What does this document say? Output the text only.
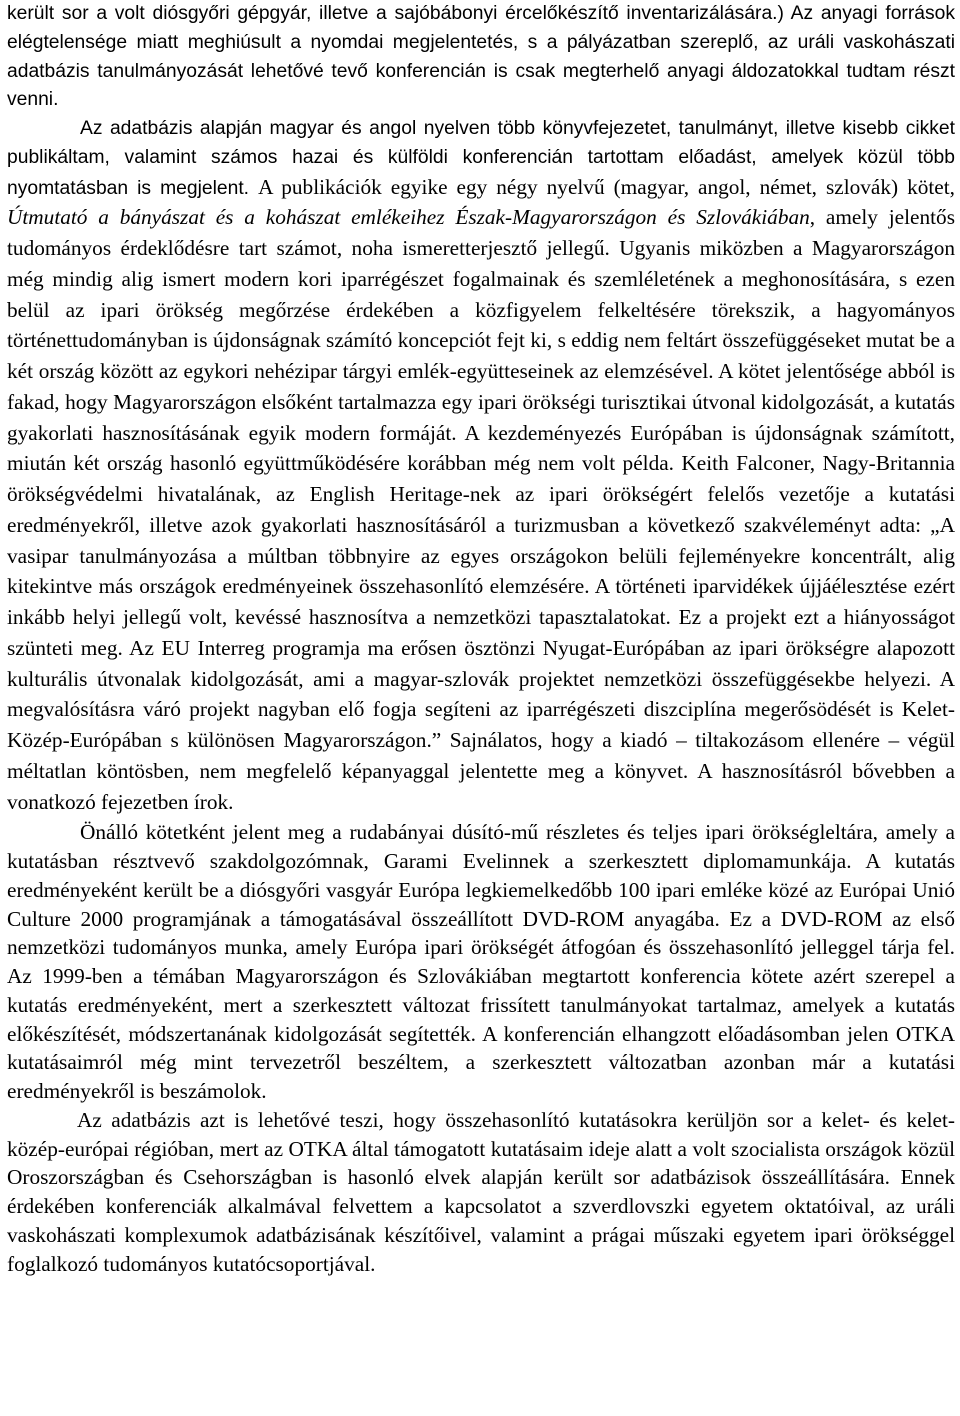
került sor a volt diósgyőri gépgyár, illetve a sajóbábonyi ércelőkészítő inventarizálására.) Az anyagi források elégtelensége miatt meghiúsult a nyomdai megjelentetés, s a pályázatban szereplő, az uráli vaskohászati adatbázis tanulmányozását lehetővé tevő konferencián is csak megterhelő anyagi áldozatokkal tudtam részt venni.

Az adatbázis alapján magyar és angol nyelven több könyvfejezetet, tanulmányt, illetve kisebb cikket publikáltam, valamint számos hazai és külföldi konferencián tartottam előadást, amelyek közül több nyomtatásban is megjelent. A publikációk egyike egy négy nyelvű (magyar, angol, német, szlovák) kötet, Útmutató a bányászat és a kohászat emlékeihez Észak-Magyarországon és Szlovákiában, amely jelentős tudományos érdeklődésre tart számot, noha ismeretterjesztő jellegű. Ugyanis miközben a Magyarországon még mindig alig ismert modern kori iparrégészet fogalmainak és szemléletének a meghonosítására, s ezen belül az ipari örökség megőrzése érdekében a közfigyelem felkeltésére törekszik, a hagyományos történettudományban is újdonságnak számító koncepciót fejt ki, s eddig nem feltárt összefüggéseket mutat be a két ország között az egykori nehézipar tárgyi emlék-együtteseinek az elemzésével. A kötet jelentősége abból is fakad, hogy Magyarországon elsőként tartalmazza egy ipari örökségi turisztikai útvonal kidolgozását, a kutatás gyakorlati hasznosításának egyik modern formáját. A kezdeményezés Európában is újdonságnak számított, miután két ország hasonló együttműködésére korábban még nem volt példa. Keith Falconer, Nagy-Britannia örökségvédelmi hivatalának, az English Heritage-nek az ipari örökségért felelős vezetője a kutatási eredményekről, illetve azok gyakorlati hasznosításáról a turizmusban a következő szakvéleményt adta: „A vasipar tanulmányozása a múltban többnyire az egyes országokon belüli fejleményekre koncentrált, alig kitekintve más országok eredményeinek összehasonlító elemzésére. A történeti iparvidékek újjáélesztése ezért inkább helyi jellegű volt, kevéssé hasznosítva a nemzetközi tapasztalatokat. Ez a projekt ezt a hiányosságot szünteti meg. Az EU Interreg programja ma erősen ösztönzi Nyugat-Európában az ipari örökségre alapozott kulturális útvonalak kidolgozását, ami a magyar-szlovák projektet nemzetközi összefüggésekbe helyezi. A megvalósításra váró projekt nagyban elő fogja segíteni az iparrégészeti diszciplína megerősödését is Kelet-Közép-Európában s különösen Magyarországon.” Sajnálatos, hogy a kiadó – tiltakozásom ellenére – végül méltatlan köntösben, nem megfelelő képanyaggal jelentette meg a könyvet. A hasznosításról bővebben a vonatkozó fejezetben írok.

Önálló kötetként jelent meg a rudabányai dúsító-mű részletes és teljes ipari örökségleltára, amely a kutatásban résztvevő szakdolgozómnak, Garami Evelinnek a szerkesztett diplomamunkája. A kutatás eredményeként került be a diósgyőri vasgyár Európa legkiemelkedőbb 100 ipari emléke közé az Európai Unió Culture 2000 programjának a támogatásával összeállított DVD-ROM anyagába. Ez a DVD-ROM az első nemzetközi tudományos munka, amely Európa ipari örökségét átfogóan és összehasonlító jelleggel tárja fel. Az 1999-ben a témában Magyarországon és Szlovákiában megtartott konferencia kötete azért szerepel a kutatás eredményeként, mert a szerkesztett változat frissített tanulmányokat tartalmaz, amelyek a kutatás előkészítését, módszertanának kidolgozását segítették. A konferencián elhangzott előadásomban jelen OTKA kutatásaimról még mint tervezetről beszéltem, a szerkesztett változatban azonban már a kutatási eredményekről is beszámolok.

Az adatbázis azt is lehetővé teszi, hogy összehasonlító kutatásokra kerüljön sor a kelet- és kelet-közép-európai régióban, mert az OTKA által támogatott kutatásaim ideje alatt a volt szocialista országok közül Oroszországban és Csehországban is hasonló elvek alapján került sor adatbázisok összeállítására. Ennek érdekében konferenciák alkalmával felvettem a kapcsolatot a szverdlovszki egyetem oktatóival, az uráli vaskohászati komplexumok adatbázisának készítőivel, valamint a prágai műszaki egyetem ipari örökséggel foglalkozó tudományos kutatócsoportjával.
